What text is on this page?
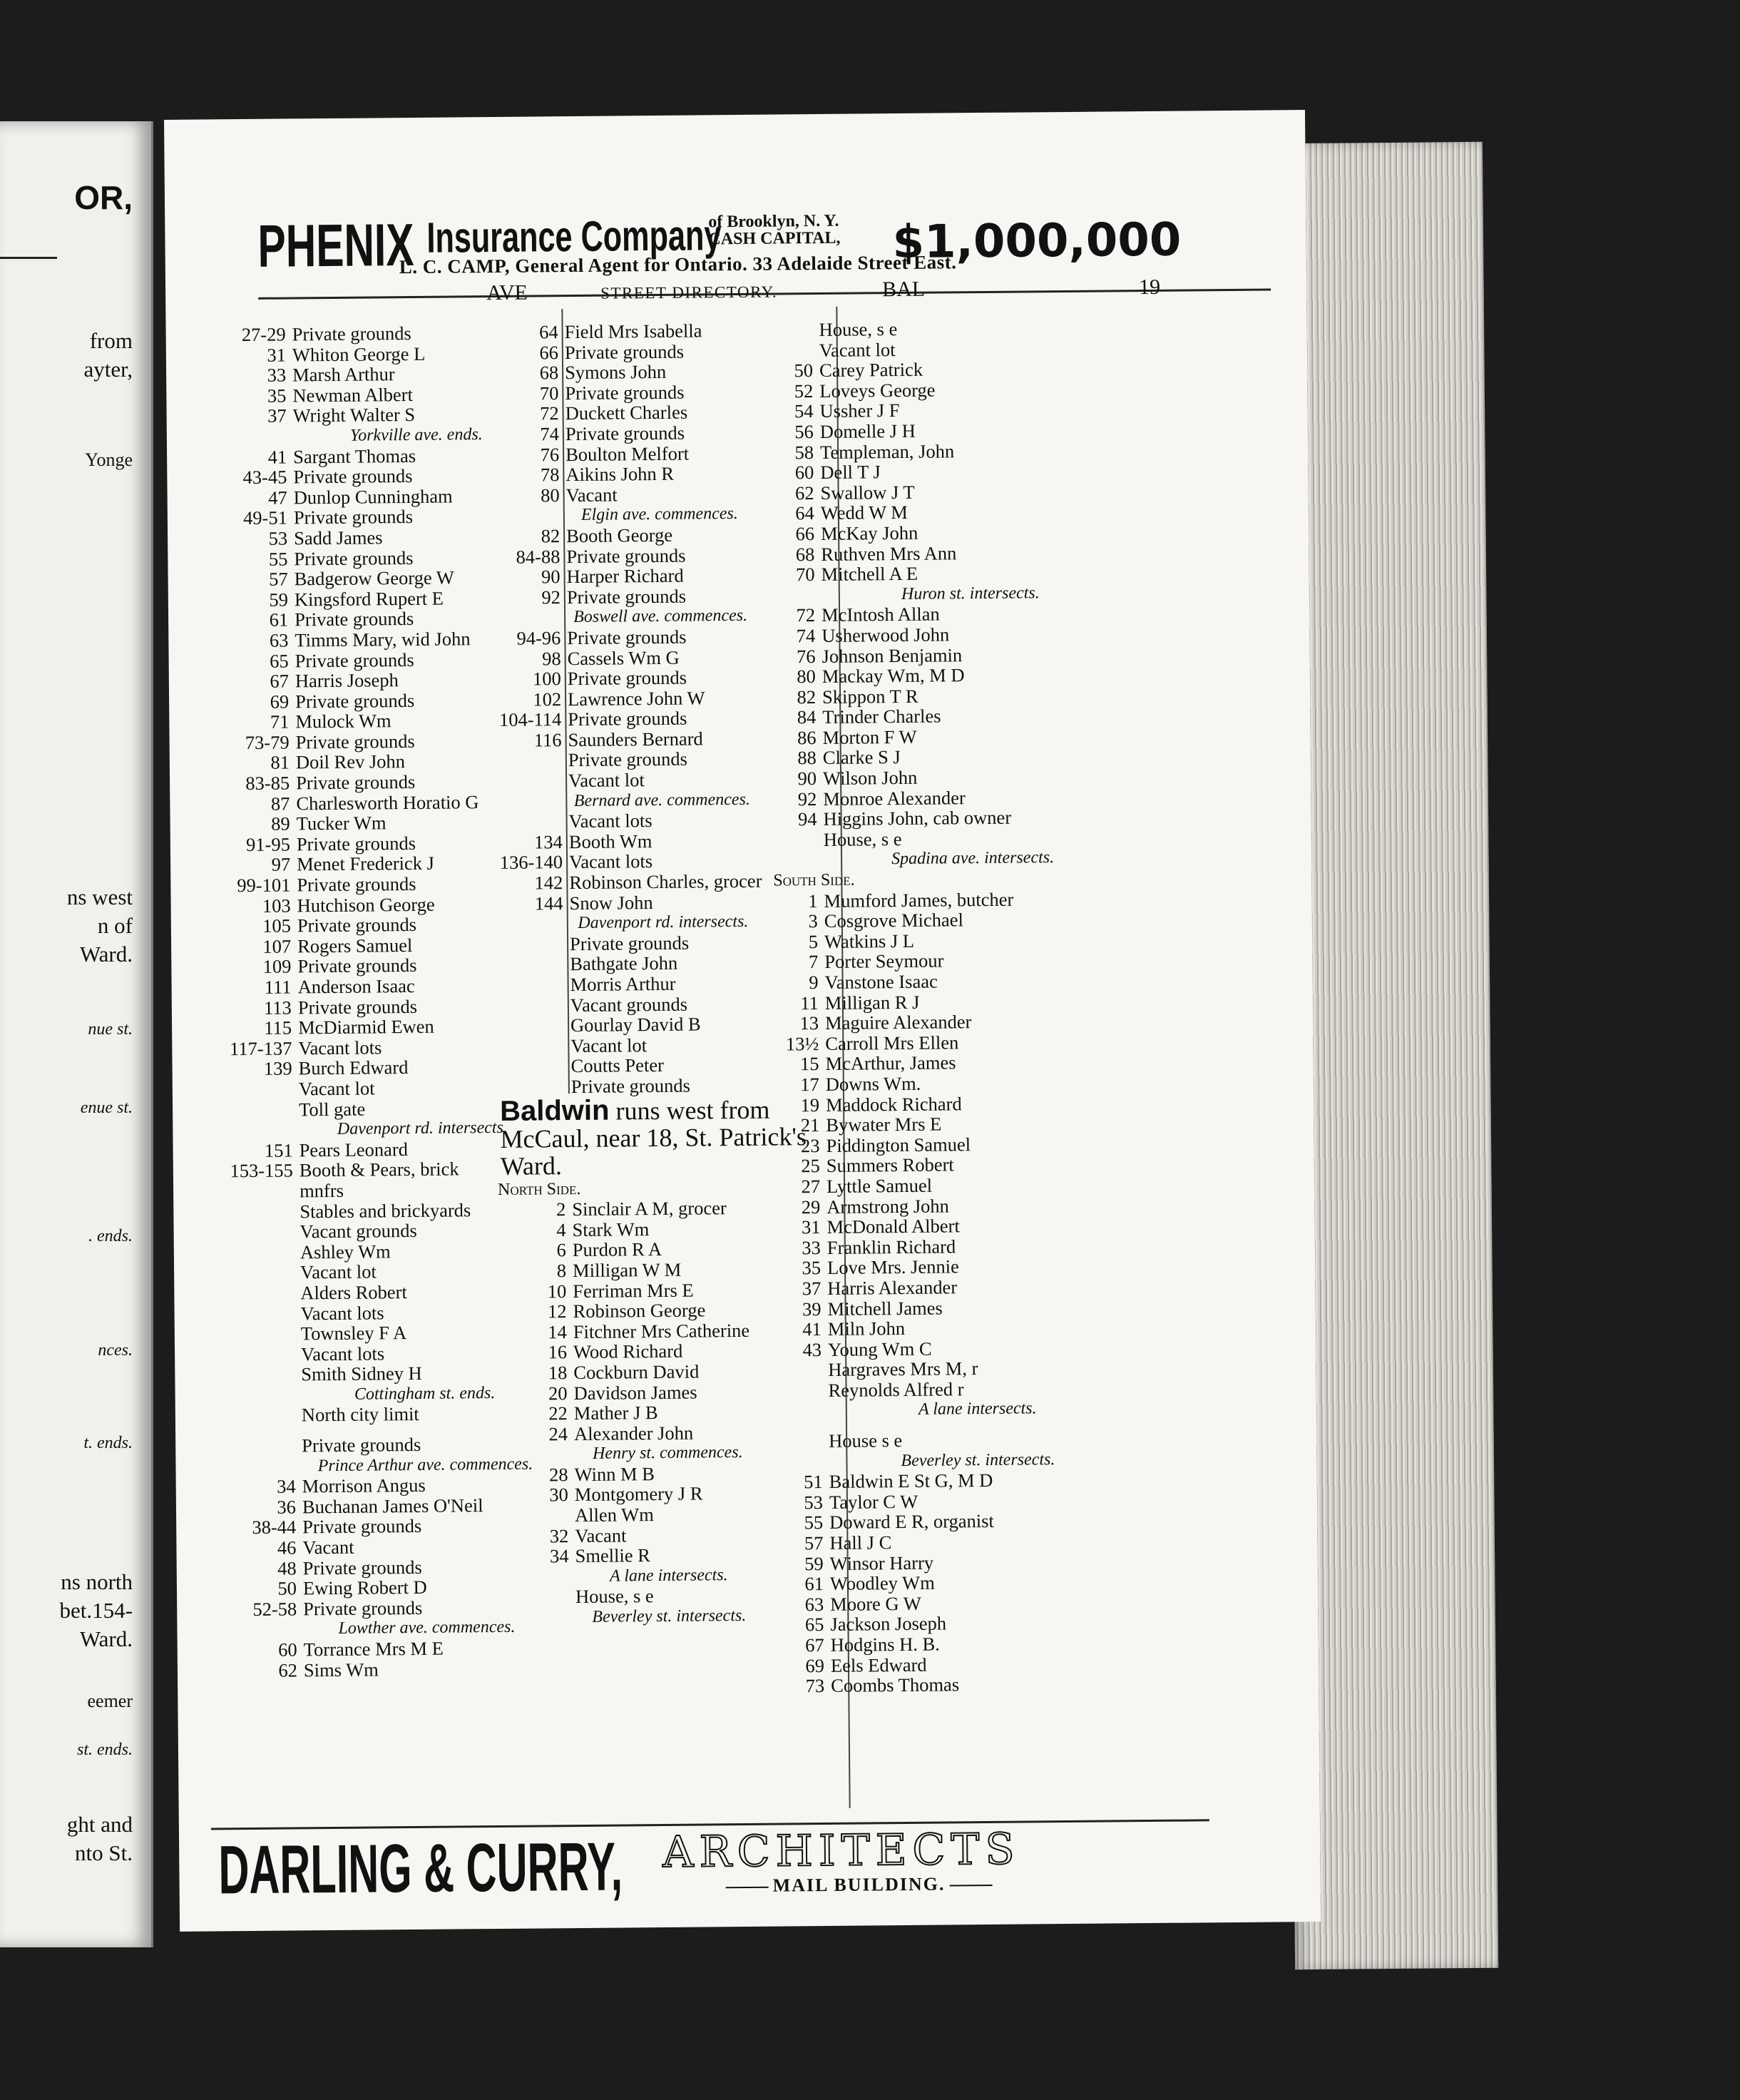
OR,
from
ayter,
Yonge
ns west
n of
Ward.
nue st.
enue st.
. ends.
nces.
t. ends.
ns north
bet.154-
Ward.
eemer
st. ends.
ght and
nto St.
PHENIX Insurance Company
of Brooklyn, N. Y.
CASH CAPITAL, $1,000,000
L. C. CAMP, General Agent for Ontario. 33 Adelaide Street East.
AVE	STREET DIRECTORY.	BAL	19
27-29 Private grounds
31 Whiton George L
33 Marsh Arthur
35 Newman Albert
37 Wright Walter S
Yorkville ave. ends.
41 Sargant Thomas
43-45 Private grounds
47 Dunlop Cunningham
49-51 Private grounds
53 Sadd James
55 Private grounds
57 Badgerow George W
59 Kingsford Rupert E
61 Private grounds
63 Timms Mary, wid John
65 Private grounds
67 Harris Joseph
69 Private grounds
71 Mulock Wm
73-79 Private grounds
81 Doil Rev John
83-85 Private grounds
87 Charlesworth Horatio G
89 Tucker Wm
91-95 Private grounds
97 Menet Frederick J
99-101 Private grounds
103 Hutchison George
105 Private grounds
107 Rogers Samuel
109 Private grounds
111 Anderson Isaac
113 Private grounds
115 McDiarmid Ewen
117-137 Vacant lots
139 Burch Edward
Vacant lot
Toll gate
Davenport rd. intersects.
151 Pears Leonard
153-155 Booth & Pears, brick
mnfrs
Stables and brickyards
Vacant grounds
Ashley Wm
Vacant lot
Alders Robert
Vacant lots
Townsley F A
Vacant lots
Smith Sidney H
Cottingham st. ends.
North city limit
Private grounds
Prince Arthur ave. commences.
34 Morrison Angus
36 Buchanan James O'Neil
38-44 Private grounds
46 Vacant
48 Private grounds
50 Ewing Robert D
52-58 Private grounds
Lowther ave. commences.
60 Torrance Mrs M E
62 Sims Wm
64 Field Mrs Isabella
66 Private grounds
68 Symons John
70 Private grounds
72 Duckett Charles
74 Private grounds
76 Boulton Melfort
78 Aikins John R
80 Vacant
Elgin ave. commences.
82 Booth George
84-88 Private grounds
90 Harper Richard
92 Private grounds
Boswell ave. commences.
94-96 Private grounds
98 Cassels Wm G
100 Private grounds
102 Lawrence John W
104-114 Private grounds
116 Saunders Bernard
Private grounds
Vacant lot
Bernard ave. commences.
Vacant lots
134 Booth Wm
136-140 Vacant lots
142 Robinson Charles, grocer
144 Snow John
Davenport rd. intersects.
Private grounds
Bathgate John
Morris Arthur
Vacant grounds
Gourlay David B
Vacant lot
Coutts Peter
Private grounds
Baldwin runs west from McCaul, near 18, St. Patrick's Ward.
North Side.
2 Sinclair A M, grocer
4 Stark Wm
6 Purdon R A
8 Milligan W M
10 Ferriman Mrs E
12 Robinson George
14 Fitchner Mrs Catherine
16 Wood Richard
18 Cockburn David
20 Davidson James
22 Mather J B
24 Alexander John
Henry st. commences.
28 Winn M B
30 Montgomery J R
Allen Wm
32 Vacant
34 Smellie R
A lane intersects.
House, s e
Beverley st. intersects.
House, s e
Vacant lot
50 Carey Patrick
52 Loveys George
54 Ussher J F
56 Domelle J H
58 Templeman, John
60 Dell T J
62 Swallow J T
64 Wedd W M
66 McKay John
68 Ruthven Mrs Ann
70 Mitchell A E
Huron st. intersects.
72 McIntosh Allan
74 Usherwood John
76 Johnson Benjamin
80 Mackay Wm, M D
82 Skippon T R
84 Trinder Charles
86 Morton F W
88 Clarke S J
90 Wilson John
92 Monroe Alexander
94 Higgins John, cab owner
House, s e
Spadina ave. intersects.
South Side.
1 Mumford James, butcher
3 Cosgrove Michael
5 Watkins J L
7 Porter Seymour
9 Vanstone Isaac
11 Milligan R J
13 Maguire Alexander
13½ Carroll Mrs Ellen
15 McArthur, James
17 Downs Wm.
19 Maddock Richard
21 Bywater Mrs E
23 Piddington Samuel
25 Summers Robert
27 Lyttle Samuel
29 Armstrong John
31 McDonald Albert
33 Franklin Richard
35 Love Mrs. Jennie
37 Harris Alexander
39 Mitchell James
41 Miln John
43 Young Wm C
Hargraves Mrs M, r
Reynolds Alfred r
A lane intersects.
House s e
Beverley st. intersects.
51 Baldwin E St G, M D
53 Taylor C W
55 Doward E R, organist
57 Hall J C
59 Winsor Harry
61 Woodley Wm
63 Moore G W
65 Jackson Joseph
67 Hodgins H. B.
69 Eels Edward
73 Coombs Thomas
DARLING & CURRY, ARCHITECTS
MAIL BUILDING.
